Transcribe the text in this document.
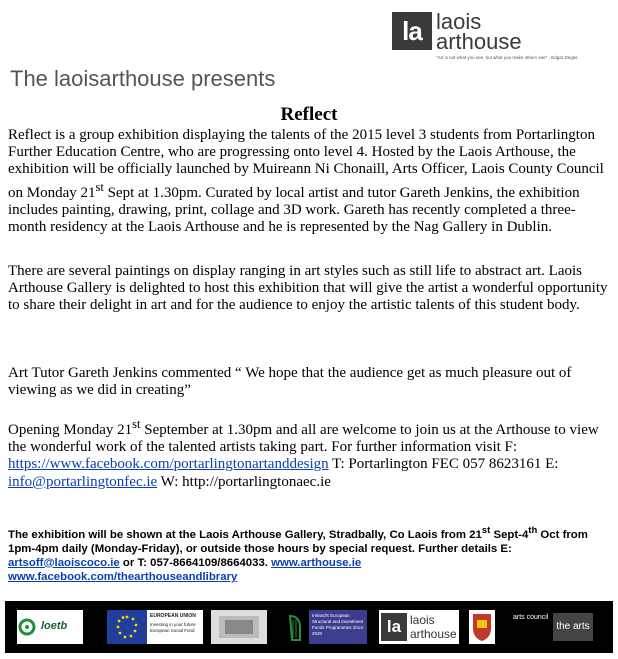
la laois
arthouse
"Art is not what you see, but what you make others see" - Edgar Degas
The laoisarthouse presents
Reflect

Reflect is a group exhibition displaying the talents of the 2015 level 3 students from Portarlington Further Education Centre, who are progressing onto level 4. Hosted by the Laois Arthouse, the exhibition will be officially launched by Muireann Ni Chonaill, Arts Officer, Laois County Council on Monday 21st Sept at 1.30pm. Curated by local artist and tutor Gareth Jenkins, the exhibition includes painting, drawing, print, collage and 3D work. Gareth has recently completed a three-month residency at the Laois Arthouse and he is represented by the Nag Gallery in Dublin.

There are several paintings on display ranging in art styles such as still life to abstract art. Laois Arthouse Gallery is delighted to host this exhibition that will give the artist a wonderful opportunity to share their delight in art and for the audience to enjoy the artistic talents of this student body.

Art Tutor Gareth Jenkins commented “ We hope that the audience get as much pleasure out of viewing as we did in creating”

Opening Monday 21st September at 1.30pm and all are welcome to join us at the Arthouse to view the wonderful work of the talented artists taking part. For further information visit F: https://www.facebook.com/portarlingtonartanddesign T: Portarlington FEC 057 8623161 E: info@portarlingtonfec.ie W: http://portarlingtonaec.ie

The exhibition will be shown at the Laois Arthouse Gallery, Stradbally, Co Laois from 21st Sept-4th Oct from 1pm-4pm daily (Monday-Friday), or outside those hours by special request. Further details E: artsoff@laoiscoco.ie or T: 057-8664109/8664033. www.arthouse.ie
www.facebook.com/thearthouseandlibrary
loetb
EUROPEAN UNION
Investing in your future European Social Fund
Ireland's European Structural and Investment Funds Programmes 2014-2020	la laois
arthouse
arts council
the arts
